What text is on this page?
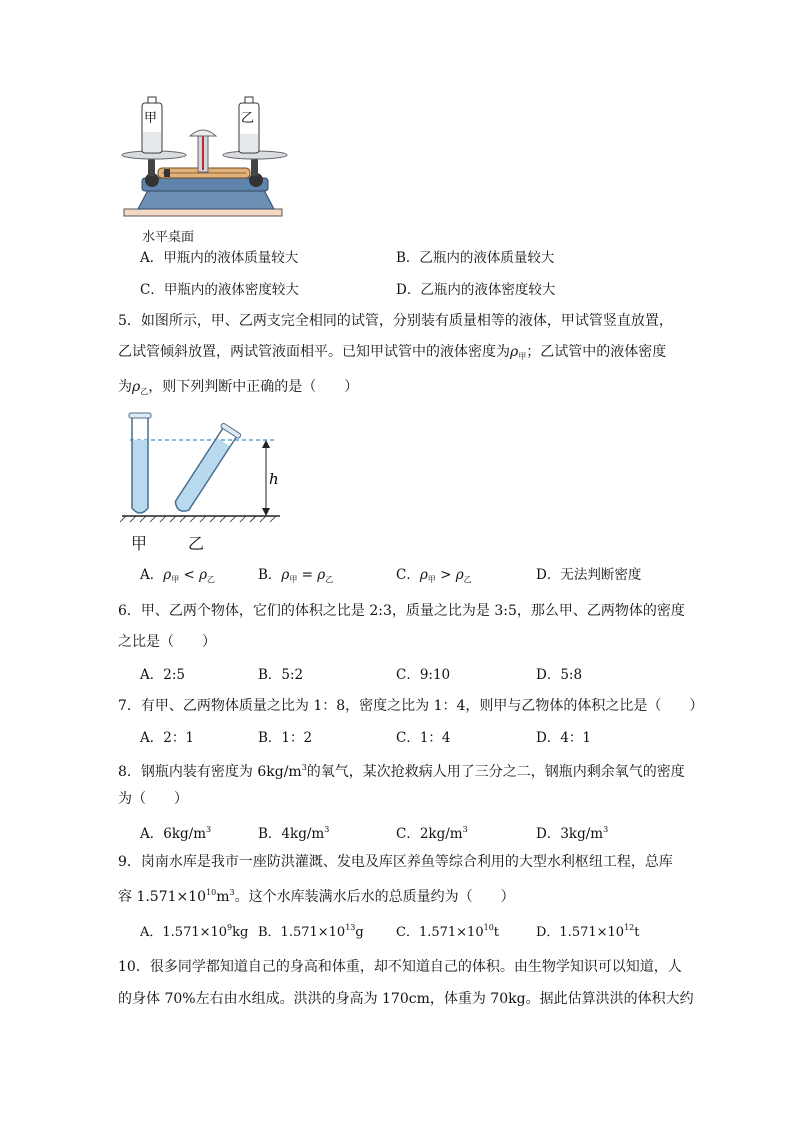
甲	乙
水平桌面
A．甲瓶内的液体质量较大	B．乙瓶内的液体质量较大
C．甲瓶内的液体密度较大	D．乙瓶内的液体密度较大
5．如图所示，甲、乙两支完全相同的试管，分别装有质量相等的液体，甲试管竖直放置，
乙试管倾斜放置，两试管液面相平。已知甲试管中的液体密度为$\rho_甲$；乙试管中的液体密度
为$\rho_乙$，则下列判断中正确的是（　　）
h
甲	乙
A．$\rho_甲 < \rho_乙$	B．$\rho_甲 = \rho_乙$	C．$\rho_甲 > \rho_乙$	D．无法判断密度
6．甲、乙两个物体，它们的体积之比是 2:3，质量之比为是 3:5，那么甲、乙两物体的密度
之比是（　　）
A．2:5	B．5:2	C．9:10	D．5:8
7．有甲、乙两物体质量之比为 1：8，密度之比为 1：4，则甲与乙物体的体积之比是（　　）
A．2：1	B．1：2	C．1：4	D．4：1
8．钢瓶内装有密度为 $6kg/m^3$的氧气，某次抢救病人用了三分之二，钢瓶内剩余氧气的密度
为（　　）
A．$6kg/m^3$	B．$4kg/m^3$	C．$2kg/m^3$	D．$3kg/m^3$
9．岗南水库是我市一座防洪灌溉、发电及库区养鱼等综合利用的大型水利枢纽工程，总库
容 $1.571\times 10^{10}m^3$。这个水库装满水后水的总质量约为（　　）
A．$1.571\times 10^9kg$ B．$1.571\times 10^{13}g$ C．$1.571\times 10^{10}t$	D．$1.571\times 10^{12}t$
10．很多同学都知道自己的身高和体重，却不知道自己的体积。由生物学知识可以知道，人
的身体 70%左右由水组成。洪洪的身高为 170cm，体重为 70kg。据此估算洪洪的体积大约
